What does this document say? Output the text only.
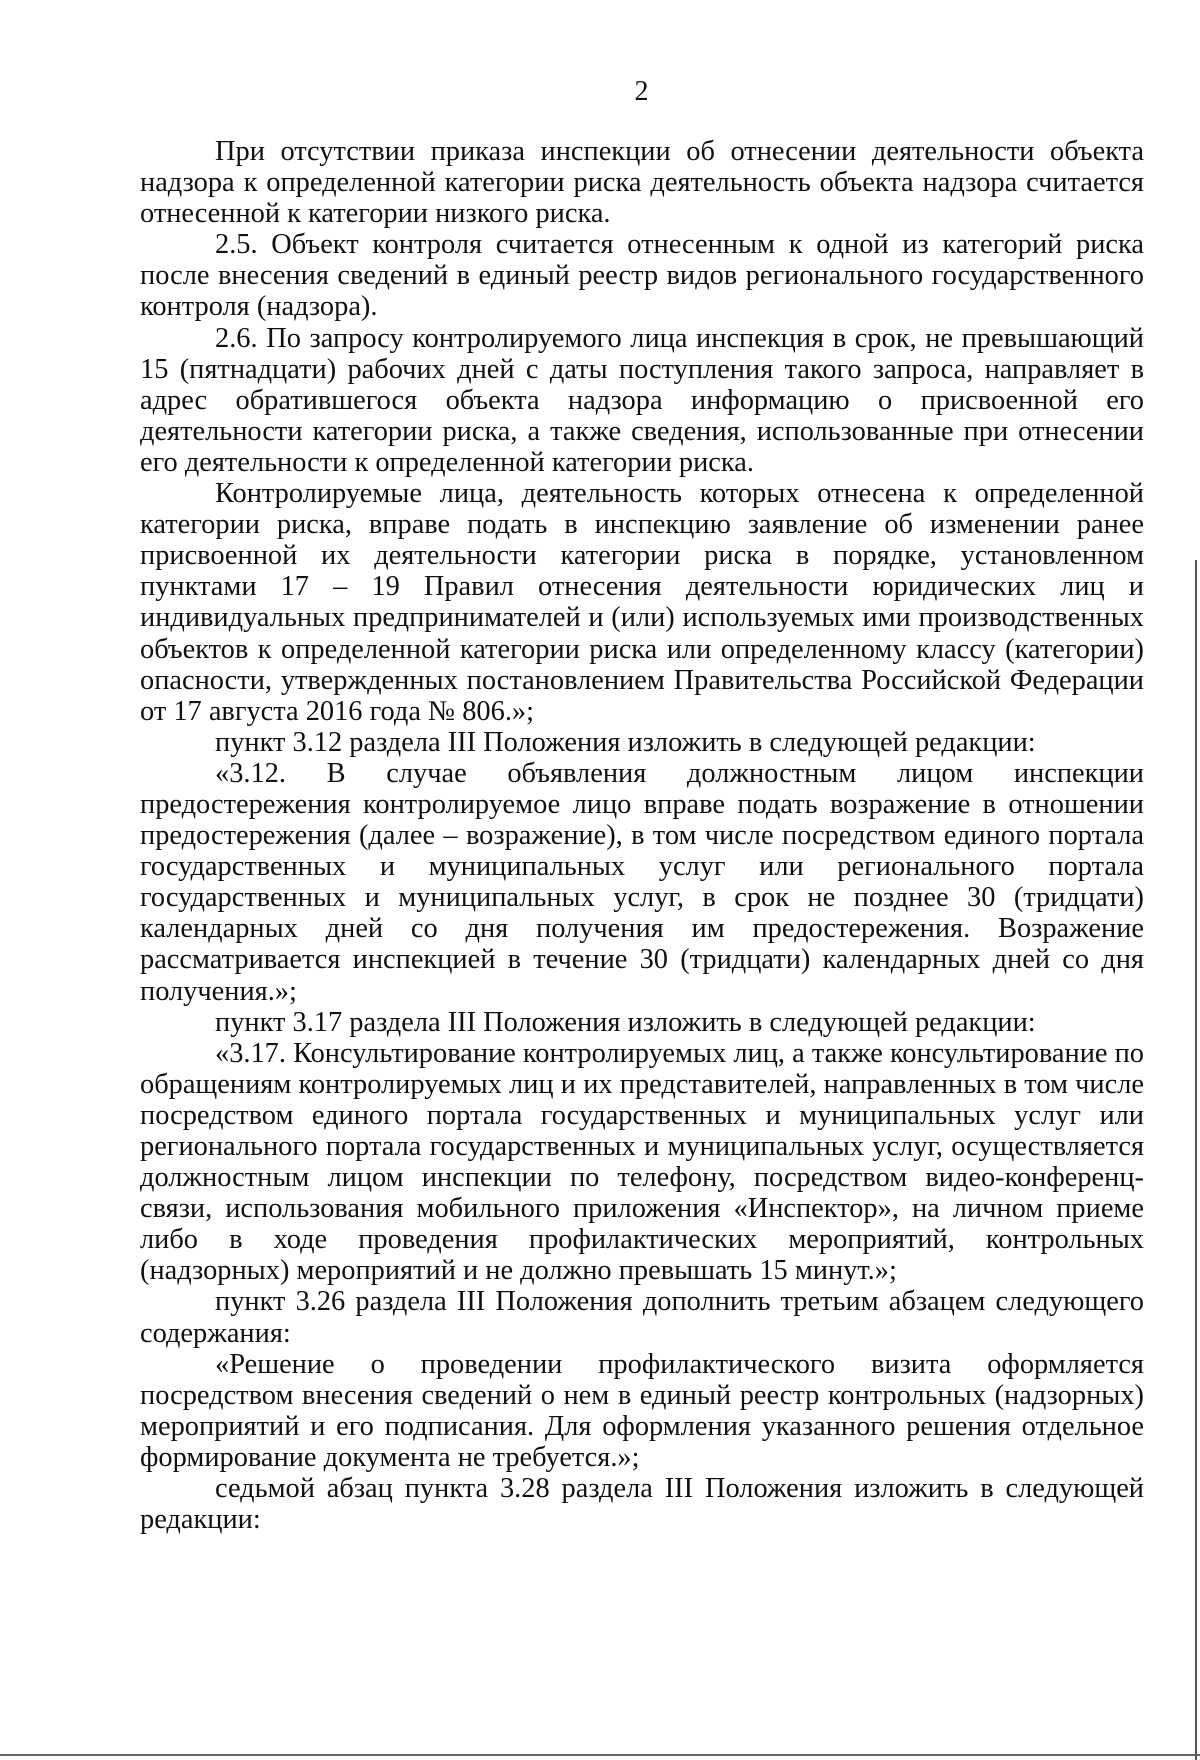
2

При отсутствии приказа инспекции об отнесении деятельности объекта надзора к определенной категории риска деятельность объекта надзора считается отнесенной к категории низкого риска.

2.5. Объект контроля считается отнесенным к одной из категорий риска после внесения сведений в единый реестр видов регионального государственного контроля (надзора).

2.6. По запросу контролируемого лица инспекция в срок, не превышающий 15 (пятнадцати) рабочих дней с даты поступления такого запроса, направляет в адрес обратившегося объекта надзора информацию о присвоенной его деятельности категории риска, а также сведения, использованные при отнесении его деятельности к определенной категории риска.

Контролируемые лица, деятельность которых отнесена к определенной категории риска, вправе подать в инспекцию заявление об изменении ранее присвоенной их деятельности категории риска в порядке, установленном пунктами 17 – 19 Правил отнесения деятельности юридических лиц и индивидуальных предпринимателей и (или) используемых ими производственных объектов к определенной категории риска или определенному классу (категории) опасности, утвержденных постановлением Правительства Российской Федерации от 17 августа 2016 года № 806.»;

пункт 3.12 раздела III Положения изложить в следующей редакции:

«3.12. В случае объявления должностным лицом инспекции предостережения контролируемое лицо вправе подать возражение в отношении предостережения (далее – возражение), в том числе посредством единого портала государственных и муниципальных услуг или регионального портала государственных и муниципальных услуг, в срок не позднее 30 (тридцати) календарных дней со дня получения им предостережения. Возражение рассматривается инспекцией в течение 30 (тридцати) календарных дней со дня получения.»;

пункт 3.17 раздела III Положения изложить в следующей редакции:

«3.17. Консультирование контролируемых лиц, а также консультирование по обращениям контролируемых лиц и их представителей, направленных в том числе посредством единого портала государственных и муниципальных услуг или регионального портала государственных и муниципальных услуг, осуществляется должностным лицом инспекции по телефону, посредством видео-конференц-связи, использования мобильного приложения «Инспектор», на личном приеме либо в ходе проведения профилактических мероприятий, контрольных (надзорных) мероприятий и не должно превышать 15 минут.»;

пункт 3.26 раздела III Положения дополнить третьим абзацем следующего содержания:

«Решение о проведении профилактического визита оформляется посредством внесения сведений о нем в единый реестр контрольных (надзорных) мероприятий и его подписания. Для оформления указанного решения отдельное формирование документа не требуется.»;

седьмой абзац пункта 3.28 раздела III Положения изложить в следующей редакции:
